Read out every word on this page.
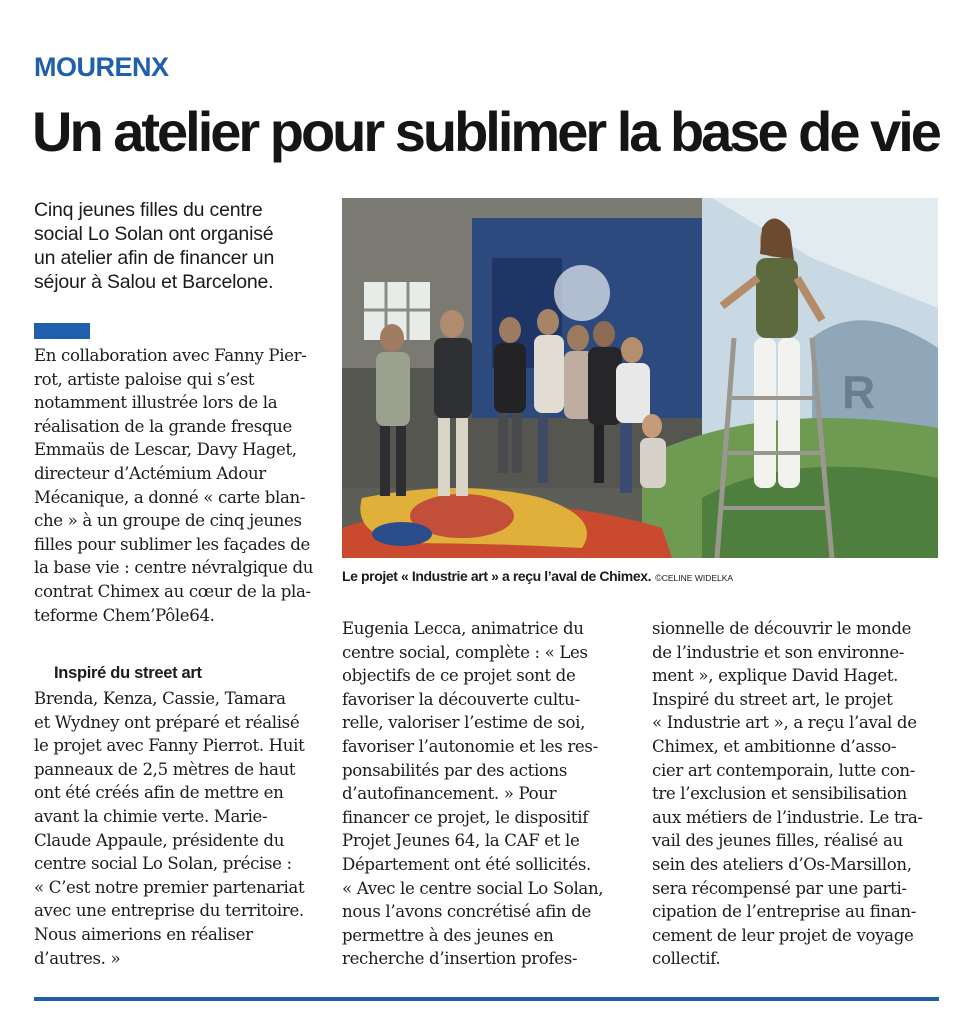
MOURENX
Un atelier pour sublimer la base de vie
Cinq jeunes filles du centre
social Lo Solan ont organisé
un atelier afin de financer un
séjour à Salou et Barcelone.
En collaboration avec Fanny Pier-
rot, artiste paloise qui s’est
notamment illustrée lors de la
réalisation de la grande fresque
Emmaüs de Lescar, Davy Haget,
directeur d’Actémium Adour
Mécanique, a donné « carte blan-
che » à un groupe de cinq jeunes
filles pour sublimer les façades de
la base vie : centre névralgique du
contrat Chimex au cœur de la pla-
teforme Chem’Pôle64.
Inspiré du street art
Brenda, Kenza, Cassie, Tamara
et Wydney ont préparé et réalisé
le projet avec Fanny Pierrot. Huit
panneaux de 2,5 mètres de haut
ont été créés afin de mettre en
avant la chimie verte. Marie-
Claude Appaule, présidente du
centre social Lo Solan, précise :
« C’est notre premier partenariat
avec une entreprise du territoire.
Nous aimerions en réaliser
d’autres. »
R
Le projet « Industrie art » a reçu l’aval de Chimex. ©CELINE WIDELKA
Eugenia Lecca, animatrice du
centre social, complète : « Les
objectifs de ce projet sont de
favoriser la découverte cultu-
relle, valoriser l’estime de soi,
favoriser l’autonomie et les res-
ponsabilités par des actions
d’autofinancement. » Pour
financer ce projet, le dispositif
Projet Jeunes 64, la CAF et le
Département ont été sollicités.
« Avec le centre social Lo Solan,
nous l’avons concrétisé afin de
permettre à des jeunes en
recherche d’insertion profes-
sionnelle de découvrir le monde
de l’industrie et son environne-
ment », explique David Haget.
Inspiré du street art, le projet
« Industrie art », a reçu l’aval de
Chimex, et ambitionne d’asso-
cier art contemporain, lutte con-
tre l’exclusion et sensibilisation
aux métiers de l’industrie. Le tra-
vail des jeunes filles, réalisé au
sein des ateliers d’Os-Marsillon,
sera récompensé par une parti-
cipation de l’entreprise au finan-
cement de leur projet de voyage
collectif.
